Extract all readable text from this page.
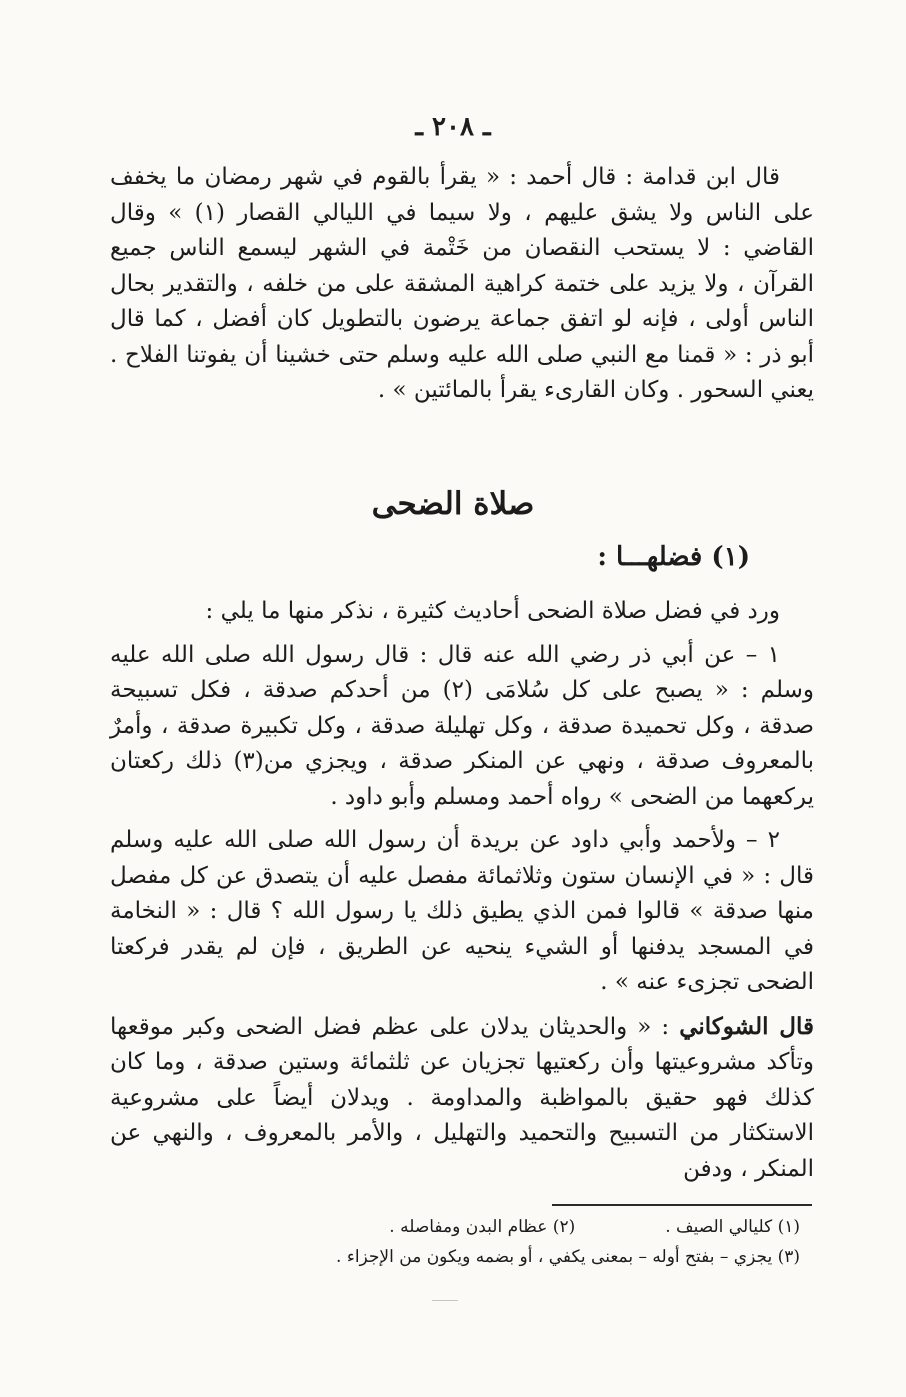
ـ ٢٠٨ ـ

قال ابن قدامة : قال أحمد : « يقرأ بالقوم في شهر رمضان ما يخفف على الناس ولا يشق عليهم ، ولا سيما في الليالي القصار (١) » وقال القاضي : لا يستحب النقصان من خَتْمة في الشهر ليسمع الناس جميع القرآن ، ولا يزيد على ختمة كراهية المشقة على من خلفه ، والتقدير بحال الناس أولى ، فإنه لو اتفق جماعة يرضون بالتطويل كان أفضل ، كما قال أبو ذر : « قمنا مع النبي صلى الله عليه وسلم حتى خشينا أن يفوتنا الفلاح . يعني السحور . وكان القارىء يقرأ بالمائتين » .

صلاة الضحى
(١) فضلهـــا :

ورد في فضل صلاة الضحى أحاديث كثيرة ، نذكر منها ما يلي :

١ – عن أبي ذر رضي الله عنه قال : قال رسول الله صلى الله عليه وسلم : « يصبح على كل سُلامَى (٢) من أحدكم صدقة ، فكل تسبيحة صدقة ، وكل تحميدة صدقة ، وكل تهليلة صدقة ، وكل تكبيرة صدقة ، وأمرٌ بالمعروف صدقة ، ونهي عن المنكر صدقة ، ويجزي من(٣) ذلك ركعتان يركعهما من الضحى » رواه أحمد ومسلم وأبو داود .

٢ – ولأحمد وأبي داود عن بريدة أن رسول الله صلى الله عليه وسلم قال : « في الإنسان ستون وثلاثمائة مفصل عليه أن يتصدق عن كل مفصل منها صدقة » قالوا فمن الذي يطيق ذلك يا رسول الله ؟ قال : « النخامة في المسجد يدفنها أو الشيء ينحيه عن الطريق ، فإن لم يقدر فركعتا الضحى تجزىء عنه » .

قال الشوكاني : « والحديثان يدلان على عظم فضل الضحى وكبر موقعها وتأكد مشروعيتها وأن ركعتيها تجزيان عن ثلثمائة وستين صدقة ، وما كان كذلك فهو حقيق بالمواظبة والمداومة . ويدلان أيضاً على مشروعية الاستكثار من التسبيح والتحميد والتهليل ، والأمر بالمعروف ، والنهي عن المنكر ، ودفن

(١) كليالي الصيف .
(٢) عظام البدن ومفاصله .
(٣) يجزي – بفتح أوله – بمعنى يكفي ، أو بضمه ويكون من الإجزاء .
